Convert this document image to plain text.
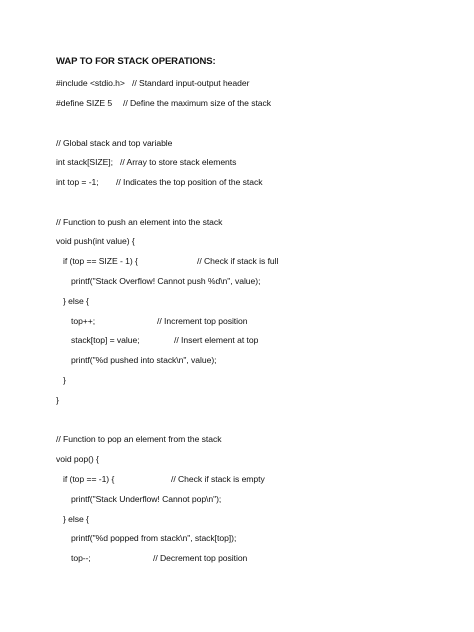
WAP TO FOR STACK OPERATIONS:

#include <stdio.h>

// Standard input-output header

#define SIZE 5

// Define the maximum size of the stack

// Global stack and top variable

int stack[SIZE];

// Array to store stack elements

int top = -1;

// Indicates the top position of the stack

// Function to push an element into the stack

void push(int value) {

if (top == SIZE - 1) {

	// Check if stack is full

printf("Stack Overflow! Cannot push %d\n", value);

} else {

top++;

	// Increment top position

stack[top] = value;

	// Insert element at top

printf("%d pushed into stack\n", value);

}

}

// Function to pop an element from the stack

void pop() {

if (top == -1) {

	// Check if stack is empty

printf("Stack Underflow! Cannot pop\n");

} else {

printf("%d popped from stack\n", stack[top]);

top--;

	// Decrement top position
